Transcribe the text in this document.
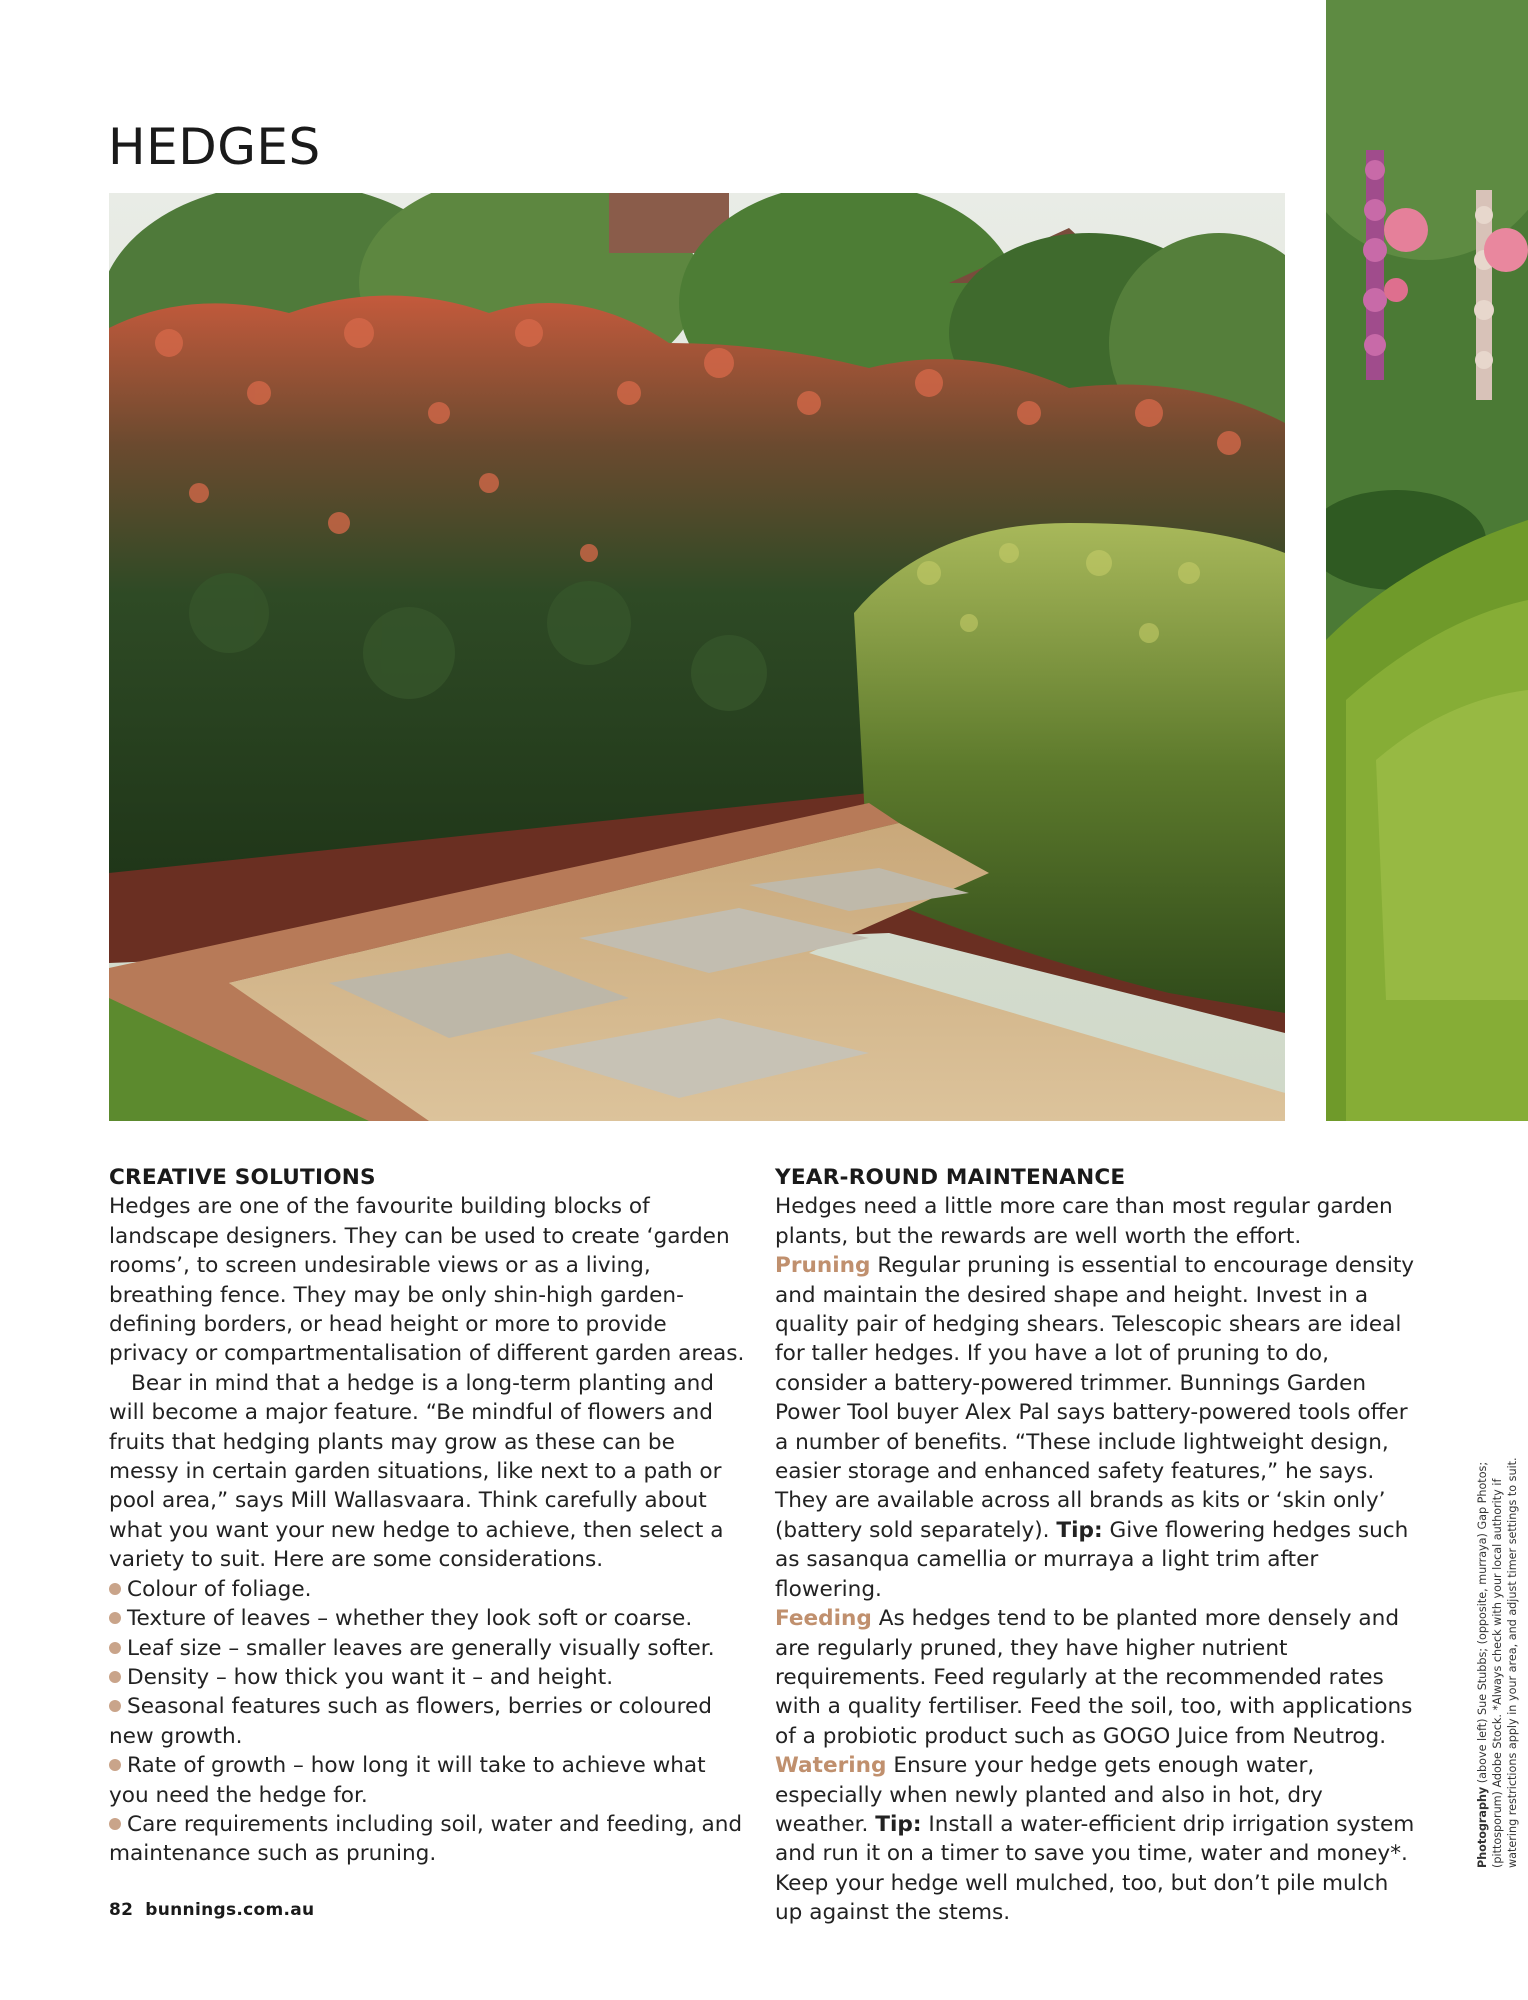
HEDGES
CREATIVE SOLUTIONS

Hedges are one of the favourite building blocks of landscape designers. They can be used to create ‘garden rooms’, to screen undesirable views or as a living, breathing fence. They may be only shin-high garden-defining borders, or head height or more to provide privacy or compartmentalisation of different garden areas.

Bear in mind that a hedge is a long-term planting and will become a major feature. “Be mindful of flowers and fruits that hedging plants may grow as these can be messy in certain garden situations, like next to a path or pool area,” says Mill Wallasvaara. Think carefully about what you want your new hedge to achieve, then select a variety to suit. Here are some considerations.

Colour of foliage.

Texture of leaves – whether they look soft or coarse.

Leaf size – smaller leaves are generally visually softer.

Density – how thick you want it – and height.

Seasonal features such as flowers, berries or coloured new growth.

Rate of growth – how long it will take to achieve what you need the hedge for.

Care requirements including soil, water and feeding, and maintenance such as pruning.

YEAR-ROUND MAINTENANCE

Hedges need a little more care than most regular garden plants, but the rewards are well worth the effort.

Pruning Regular pruning is essential to encourage density and maintain the desired shape and height. Invest in a quality pair of hedging shears. Telescopic shears are ideal for taller hedges. If you have a lot of pruning to do, consider a battery-powered trimmer. Bunnings Garden Power Tool buyer Alex Pal says battery-powered tools offer a number of benefits. “These include lightweight design, easier storage and enhanced safety features,” he says. They are available across all brands as kits or ‘skin only’ (battery sold separately). Tip: Give flowering hedges such as sasanqua camellia or murraya a light trim after flowering.

Feeding As hedges tend to be planted more densely and are regularly pruned, they have higher nutrient requirements. Feed regularly at the recommended rates with a quality fertiliser. Feed the soil, too, with applications of a probiotic product such as GOGO Juice from Neutrog.

Watering Ensure your hedge gets enough water, especially when newly planted and also in hot, dry weather. Tip: Install a water-efficient drip irrigation system and run it on a timer to save you time, water and money*. Keep your hedge well mulched, too, but don’t pile mulch up against the stems.

82 bunnings.com.au
Photography (above left) Sue Stubbs; (opposite, murraya) Gap Photos; (pittosporum) Adobe Stock. *Always check with your local authority if watering restrictions apply in your area, and adjust timer settings to suit.
